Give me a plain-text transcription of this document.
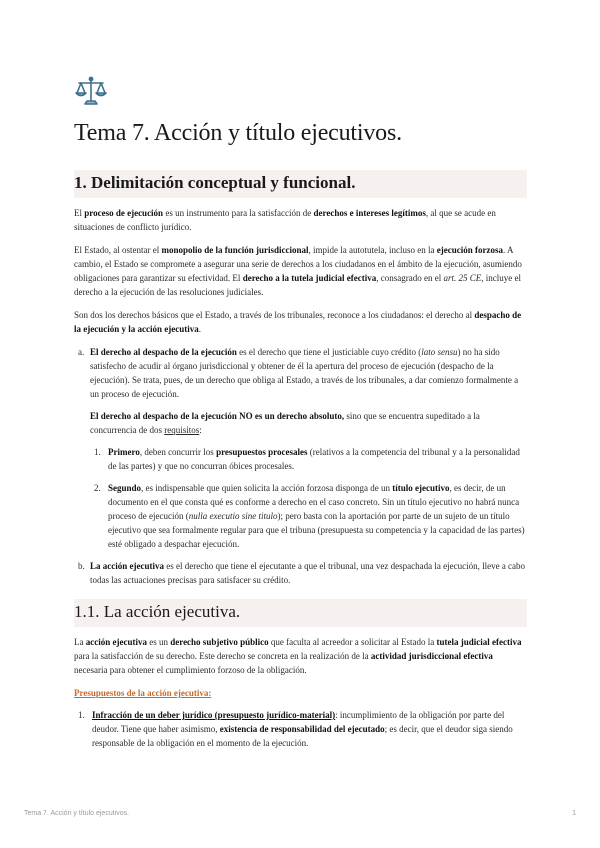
Tema 7. Acción y título ejecutivos.
1. Delimitación conceptual y funcional.

El proceso de ejecución es un instrumento para la satisfacción de derechos e intereses legítimos, al que se acude en situaciones de conflicto jurídico.

El Estado, al ostentar el monopolio de la función jurisdiccional, impide la autotutela, incluso en la ejecución forzosa. A cambio, el Estado se compromete a asegurar una serie de derechos a los ciudadanos en el ámbito de la ejecución, asumiendo obligaciones para garantizar su efectividad. El derecho a la tutela judicial efectiva, consagrado en el art. 25 CE, incluye el derecho a la ejecución de las resoluciones judiciales.

Son dos los derechos básicos que el Estado, a través de los tribunales, reconoce a los ciudadanos: el derecho al despacho de la ejecución y la acción ejecutiva.

a. El derecho al despacho de la ejecución es el derecho que tiene el justiciable cuyo crédito (lato sensu) no ha sido satisfecho de acudir al órgano jurisdiccional y obtener de él la apertura del proceso de ejecución (despacho de la ejecución). Se trata, pues, de un derecho que obliga al Estado, a través de los tribunales, a dar comienzo formalmente a un proceso de ejecución.

El derecho al despacho de la ejecución NO es un derecho absoluto, sino que se encuentra supeditado a la concurrencia de dos requisitos:

1. Primero, deben concurrir los presupuestos procesales (relativos a la competencia del tribunal y a la personalidad de las partes) y que no concurran óbices procesales.
2. Segundo, es indispensable que quien solicita la acción forzosa disponga de un título ejecutivo, es decir, de un documento en el que consta qué es conforme a derecho en el caso concreto. Sin un título ejecutivo no habrá nunca proceso de ejecución (nulla executio sine titulo); pero basta con la aportación por parte de un sujeto de un título ejecutivo que sea formalmente regular para que el tribuna (presupuesta su competencia y la capacidad de las partes) esté obligado a despachar ejecución.
b. La acción ejecutiva es el derecho que tiene el ejecutante a que el tribunal, una vez despachada la ejecución, lleve a cabo todas las actuaciones precisas para satisfacer su crédito.
1.1. La acción ejecutiva.

La acción ejecutiva es un derecho subjetivo público que faculta al acreedor a solicitar al Estado la tutela judicial efectiva para la satisfacción de su derecho. Este derecho se concreta en la realización de la actividad jurisdiccional efectiva necesaria para obtener el cumplimiento forzoso de la obligación.

Presupuestos de la acción ejecutiva:

1. Infracción de un deber jurídico (presupuesto jurídico-material): incumplimiento de la obligación por parte del deudor. Tiene que haber asimismo, existencia de responsabilidad del ejecutado; es decir, que el deudor siga siendo responsable de la obligación en el momento de la ejecución.
Tema 7. Acción y título ejecutivos.	1
